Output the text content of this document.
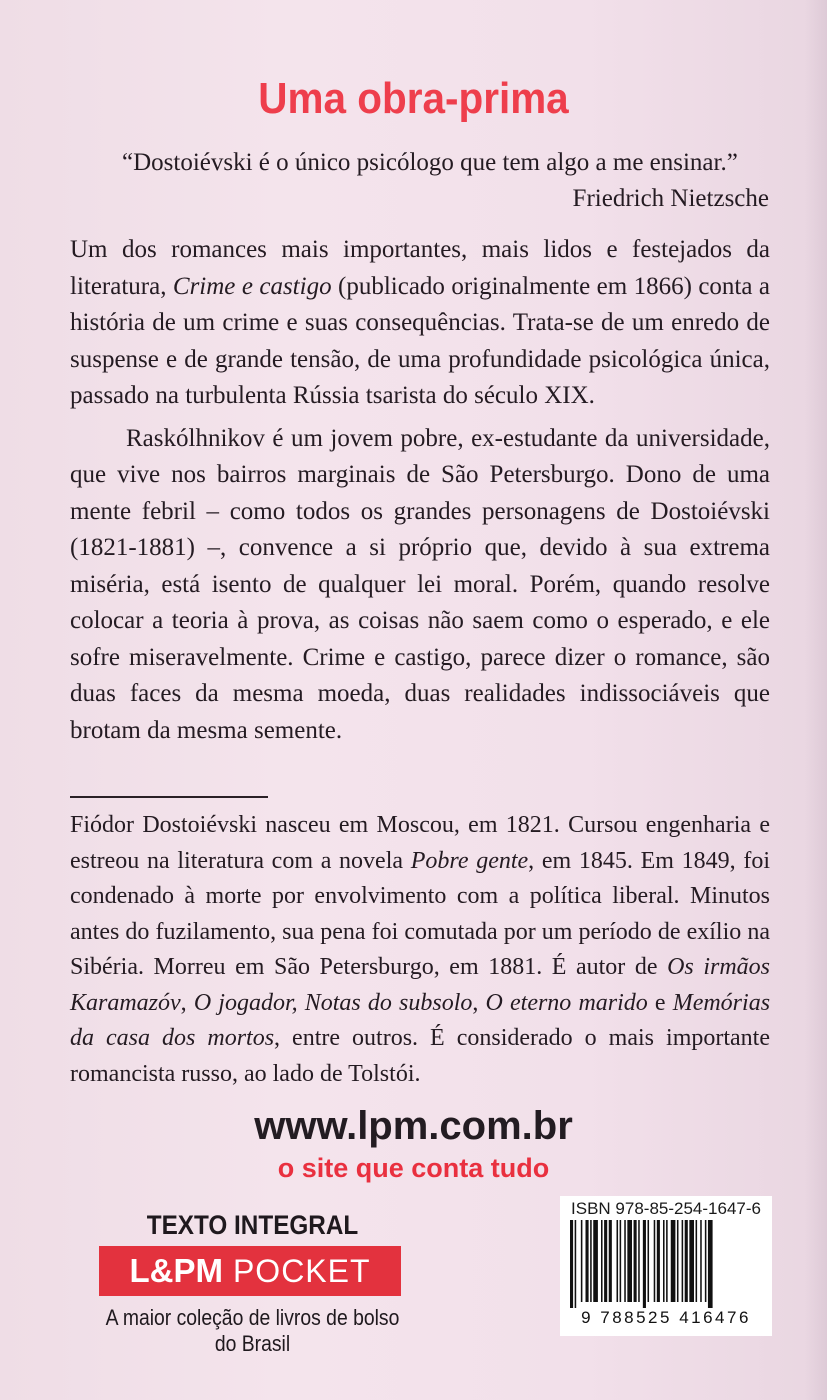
Uma obra-prima
“Dostoiévski é o único psicólogo que tem algo a me ensinar.”
Friedrich Nietzsche

Um dos romances mais importantes, mais lidos e festejados da literatura, Crime e castigo (publicado originalmente em 1866) conta a história de um crime e suas consequências. Trata-se de um enredo de suspense e de grande tensão, de uma profundidade psicológica única, passado na turbulenta Rússia tsarista do século XIX.

Raskólhnikov é um jovem pobre, ex-estudante da universidade, que vive nos bairros marginais de São Petersburgo. Dono de uma mente febril – como todos os grandes personagens de Dostoiévski (1821-1881) –, convence a si próprio que, devido à sua extrema miséria, está isento de qualquer lei moral. Porém, quando resolve colocar a teoria à prova, as coisas não saem como o esperado, e ele sofre miseravelmente. Crime e castigo, parece dizer o romance, são duas faces da mesma moeda, duas realidades indissociáveis que brotam da mesma semente.

Fiódor Dostoiévski nasceu em Moscou, em 1821. Cursou engenharia e estreou na literatura com a novela Pobre gente, em 1845. Em 1849, foi condenado à morte por envolvimento com a política liberal. Minutos antes do fuzilamento, sua pena foi comutada por um período de exílio na Sibéria. Morreu em São Petersburgo, em 1881. É autor de Os irmãos Karamazóv, O jogador, Notas do subsolo, O eterno marido e Memórias da casa dos mortos, entre outros. É considerado o mais importante romancista russo, ao lado de Tolstói.
www.lpm.com.br
o site que conta tudo
TEXTO INTEGRAL
L&PM POCKET
A maior coleção de livros de bolso do Brasil
ISBN 978-85-254-1647-6
9 788525 416476
